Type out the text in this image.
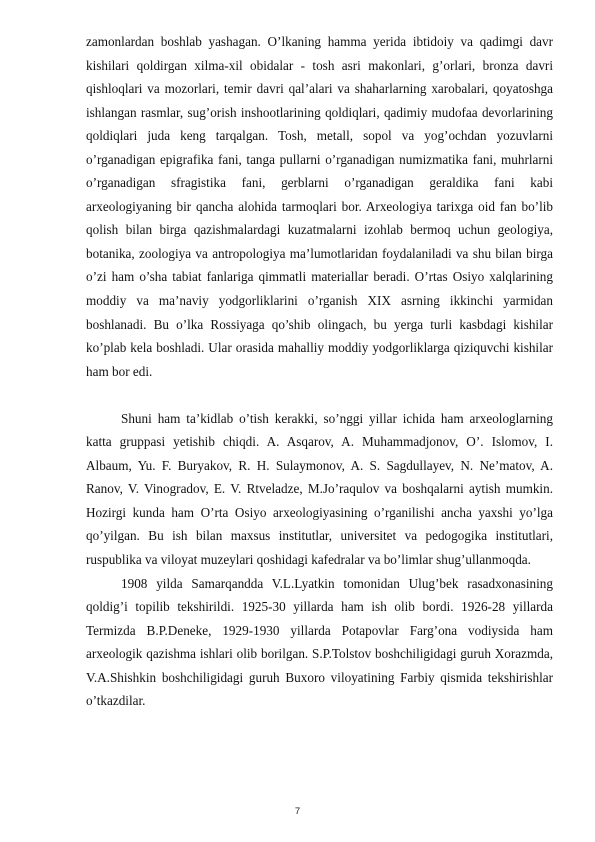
zamonlardan boshlab yashagan. O’lkaning hamma yerida ibtidoiy va qadimgi davr kishilari qoldirgan xilma-xil obidalar - tosh asri makonlari, g’orlari, bronza davri qishloqlari va mozorlari, temir davri qal’alari va shaharlarning xarobalari, qoyatoshga ishlangan rasmlar, sug’orish inshootlarining qoldiqlari, qadimiy mudofaa devorlarining qoldiqlari juda keng tarqalgan. Tosh, metall, sopol va yog’ochdan yozuvlarni o’rganadigan epigrafika fani, tanga pullarni o’rganadigan numizmatika fani, muhrlarni o’rganadigan sfragistika fani, gerblarni o’rganadigan geraldika fani kabi arxeologiyaning bir qancha alohida tarmoqlari bor. Arxeologiya tarixga oid fan bo’lib qolish bilan birga qazishmalardagi kuzatmalarni izohlab bermoq uchun geologiya, botanika, zoologiya va antropologiya ma’lumotlaridan foydalaniladi va shu bilan birga o’zi ham o’sha tabiat fanlariga qimmatli materiallar beradi. O’rtas Osiyo xalqlarining moddiy va ma’naviy yodgorliklarini o’rganish XIX asrning ikkinchi yarmidan boshlanadi. Bu o’lka Rossiyaga qo’shib olingach, bu yerga turli kasbdagi kishilar ko’plab kela boshladi. Ular orasida mahalliy moddiy yodgorliklarga qiziquvchi kishilar ham bor edi.

Shuni ham ta’kidlab o’tish kerakki, so’nggi yillar ichida ham arxeologlarning katta gruppasi yetishib chiqdi. A. Asqarov, A. Muhammadjonov, O’. Islomov, I. Albaum, Yu. F. Buryakov, R. H. Sulaymonov, A. S. Sagdullayev, N. Ne’matov, A. Ranov, V. Vinogradov, E. V. Rtveladze, M.Jo’raqulov va boshqalarni aytish mumkin. Hozirgi kunda ham O’rta Osiyo arxeologiyasining o’rganilishi ancha yaxshi yo’lga qo’yilgan. Bu ish bilan maxsus institutlar, universitet va pedogogika institutlari, ruspublika va viloyat muzeylari qoshidagi kafedralar va bo’limlar shug’ullanmoqda.

1908 yilda Samarqandda V.L.Lyatkin tomonidan Ulug’bek rasadxonasining qoldig’i topilib tekshirildi. 1925-30 yillarda ham ish olib bordi. 1926-28 yillarda Termizda B.P.Deneke, 1929-1930 yillarda Potapovlar Farg’ona vodiysida ham arxeologik qazishma ishlari olib borilgan. S.P.Tolstov boshchiligidagi guruh Xorazmda, V.A.Shishkin boshchiligidagi guruh Buxoro viloyatining Farbiy qismida tekshirishlar o’tkazdilar.

7
